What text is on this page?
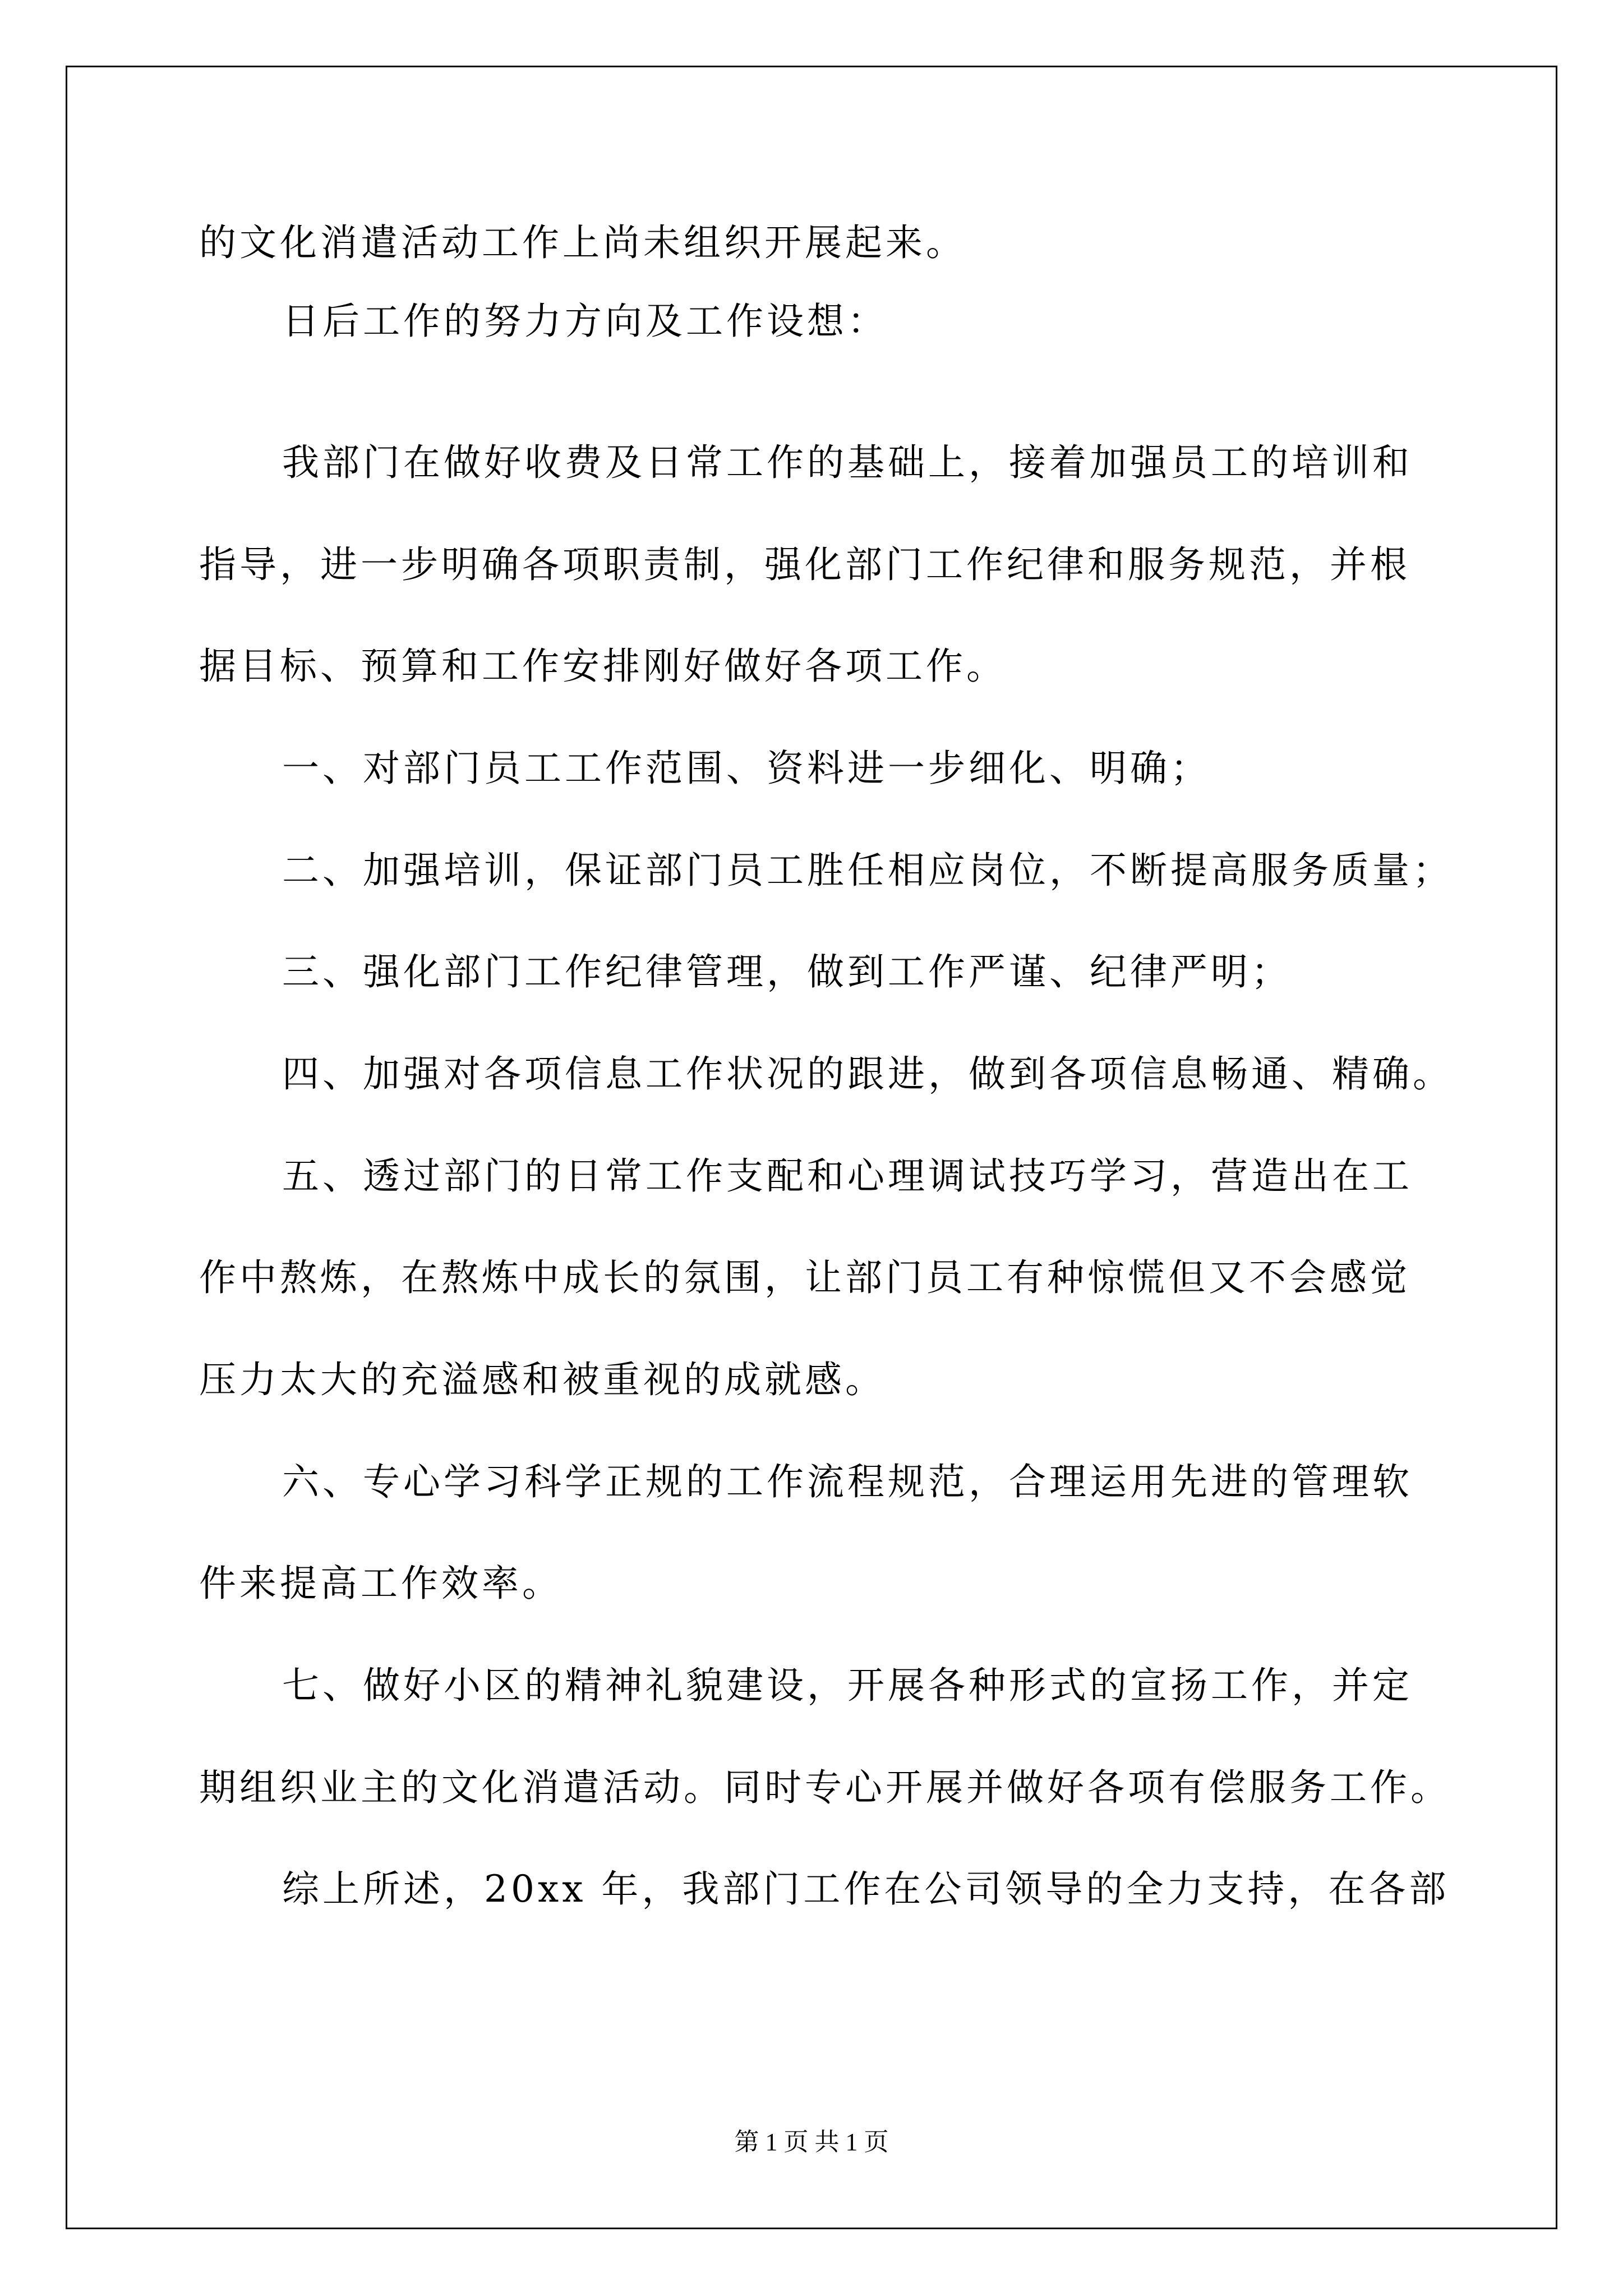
的文化消遣活动工作上尚未组织开展起来。
日后工作的努力方向及工作设想：
我部门在做好收费及日常工作的基础上，接着加强员工的培训和
指导，进一步明确各项职责制，强化部门工作纪律和服务规范，并根
据目标、预算和工作安排刚好做好各项工作。
一、对部门员工工作范围、资料进一步细化、明确；
二、加强培训，保证部门员工胜任相应岗位，不断提高服务质量；
三、强化部门工作纪律管理，做到工作严谨、纪律严明；
四、加强对各项信息工作状况的跟进，做到各项信息畅通、精确。
五、透过部门的日常工作支配和心理调试技巧学习，营造出在工
作中熬炼，在熬炼中成长的氛围，让部门员工有种惊慌但又不会感觉
压力太大的充溢感和被重视的成就感。
六、专心学习科学正规的工作流程规范，合理运用先进的管理软
件来提高工作效率。
七、做好小区的精神礼貌建设，开展各种形式的宣扬工作，并定
期组织业主的文化消遣活动。同时专心开展并做好各项有偿服务工作。
综上所述，20xx 年，我部门工作在公司领导的全力支持，在各部
第 1 页 共 1 页
